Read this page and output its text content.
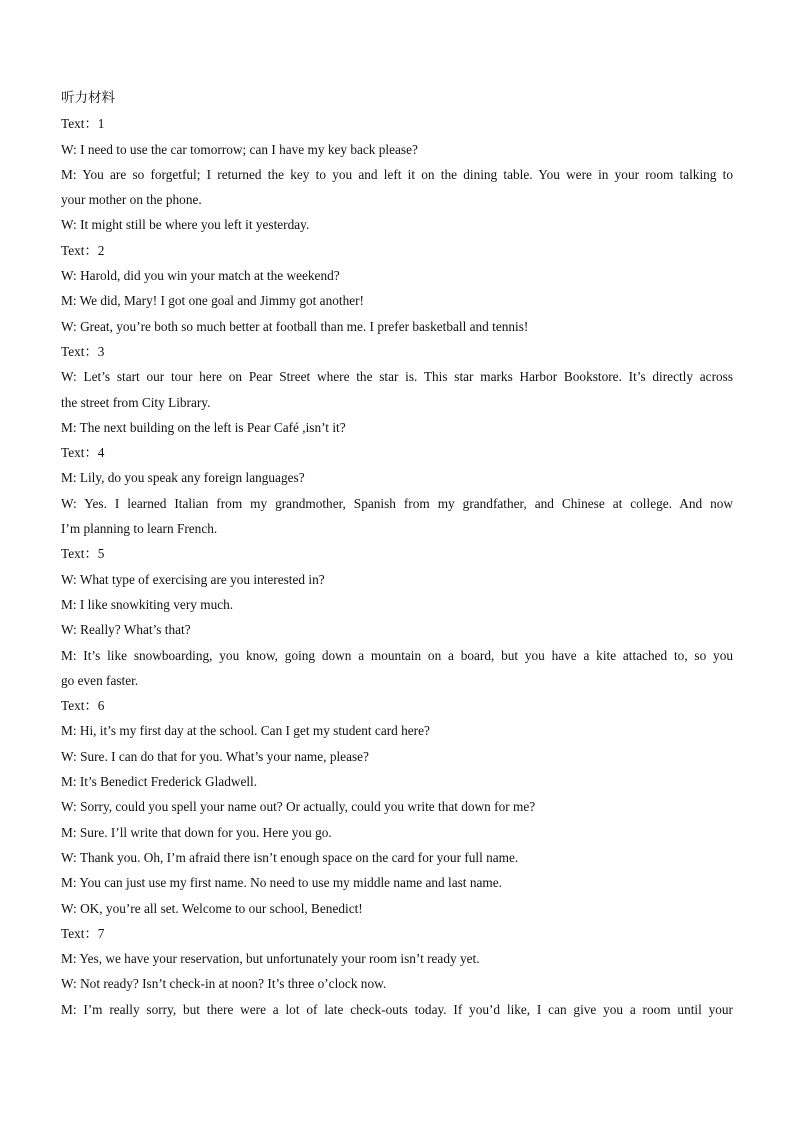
听力材料
Text：1
W: I need to use the car tomorrow; can I have my key back please?
M: You are so forgetful; I returned the key to you and left it on the dining table. You were in your room talking to
your mother on the phone.
W: It might still be where you left it yesterday.
Text：2
W: Harold, did you win your match at the weekend?
M: We did, Mary! I got one goal and Jimmy got another!
W: Great, you’re both so much better at football than me. I prefer basketball and tennis!
Text：3
W: Let’s start our tour here on Pear Street where the star is. This star marks Harbor Bookstore. It’s directly across
the street from City Library.
M: The next building on the left is Pear Café ,isn’t it?
Text：4
M: Lily, do you speak any foreign languages?
W: Yes. I learned Italian from my grandmother, Spanish from my grandfather, and Chinese at college. And now
I’m planning to learn French.
Text：5
W: What type of exercising are you interested in?
M: I like snowkiting very much.
W: Really? What’s that?
M: It’s like snowboarding, you know, going down a mountain on a board, but you have a kite attached to, so you
go even faster.
Text：6
M: Hi, it’s my first day at the school. Can I get my student card here?
W: Sure. I can do that for you. What’s your name, please?
M: It’s Benedict Frederick Gladwell.
W: Sorry, could you spell your name out? Or actually, could you write that down for me?
M: Sure. I’ll write that down for you. Here you go.
W: Thank you. Oh, I’m afraid there isn’t enough space on the card for your full name.
M: You can just use my first name. No need to use my middle name and last name.
W: OK, you’re all set. Welcome to our school, Benedict!
Text：7
M: Yes, we have your reservation, but unfortunately your room isn’t ready yet.
W: Not ready? Isn’t check-in at noon? It’s three o’clock now.
M: I’m really sorry, but there were a lot of late check-outs today. If you’d like, I can give you a room until your
